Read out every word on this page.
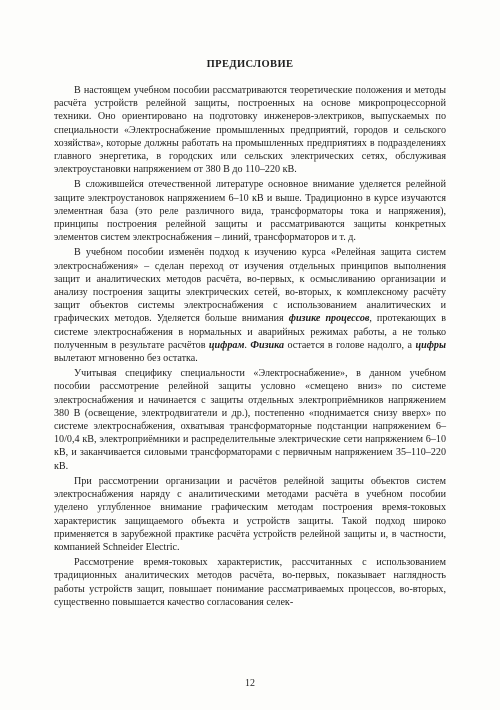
ПРЕДИСЛОВИЕ

В настоящем учебном пособии рассматриваются теоретические положения и методы расчёта устройств релейной защиты, построенных на основе микропроцессорной техники. Оно ориентировано на подготовку инженеров-электриков, выпускаемых по специальности «Электроснабжение промышленных предприятий, городов и сельского хозяйства», которые должны работать на промышленных предприятиях в подразделениях главного энергетика, в городских или сельских электрических сетях, обслуживая электроустановки напряжением от 380 В до 110–220 кВ.

В сложившейся отечественной литературе основное внимание уделяется релейной защите электроустановок напряжением 6–10 кВ и выше. Традиционно в курсе изучаются элементная база (это реле различного вида, трансформаторы тока и напряжения), принципы построения релейной защиты и рассматриваются защиты конкретных элементов систем электроснабжения – линий, трансформаторов и т. д.

В учебном пособии изменён подход к изучению курса «Релейная защита систем электроснабжения» – сделан переход от изучения отдельных принципов выполнения защит и аналитических методов расчёта, во-первых, к осмысливанию организации и анализу построения защиты электрических сетей, во-вторых, к комплексному расчёту защит объектов системы электроснабжения с использованием аналитических и графических методов. Уделяется больше внимания физике процессов, протекающих в системе электроснабжения в нормальных и аварийных режимах работы, а не только полученным в результате расчётов цифрам. Физика остается в голове надолго, а цифры вылетают мгновенно без остатка.

Учитывая специфику специальности «Электроснабжение», в данном учебном пособии рассмотрение релейной защиты условно «смещено вниз» по системе электроснабжения и начинается с защиты отдельных электроприёмников напряжением 380 В (освещение, электродвигатели и др.), постепенно «поднимается снизу вверх» по системе электроснабжения, охватывая трансформаторные подстанции напряжением 6–10/0,4 кВ, электроприёмники и распределительные электрические сети напряжением 6–10 кВ, и заканчивается силовыми трансформаторами с первичным напряжением 35–110–220 кВ.

При рассмотрении организации и расчётов релейной защиты объектов систем электроснабжения наряду с аналитическими методами расчёта в учебном пособии уделено углубленное внимание графическим методам построения время-токовых характеристик защищаемого объекта и устройств защиты. Такой подход широко применяется в зарубежной практике расчёта устройств релейной защиты и, в частности, компанией Schneider Electric.

Рассмотрение время-токовых характеристик, рассчитанных с использованием традиционных аналитических методов расчёта, во-первых, показывает наглядность работы устройств защит, повышает понимание рассматриваемых процессов, во-вторых, существенно повышается качество согласования селек-

12
